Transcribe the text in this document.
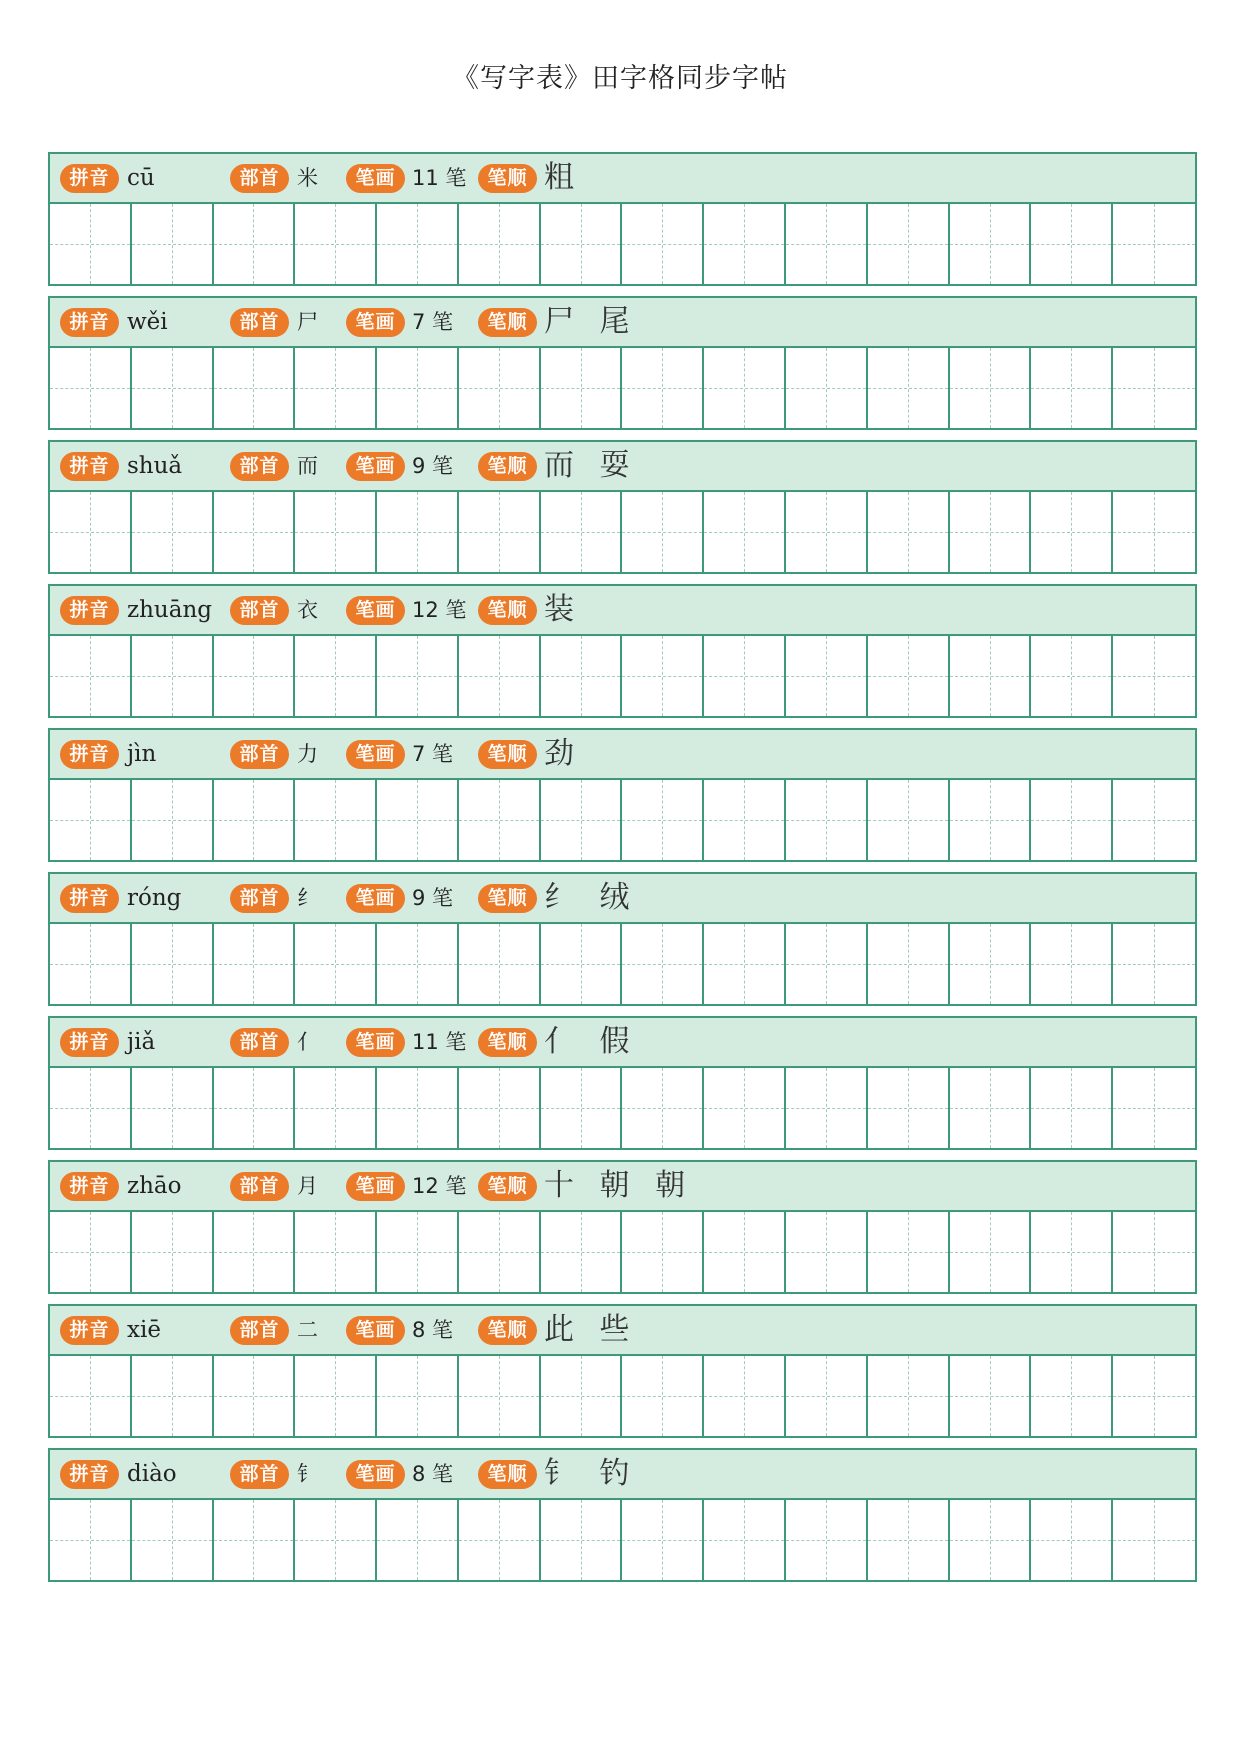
《写字表》田字格同步字帖
拼音 cū	部首 米	笔画 11 笔	笔顺 粗
拼音 wěi	部首 尸	笔画 7 笔	笔顺 尸 尾
拼音 shuǎ	部首 而	笔画 9 笔	笔顺 而 耍
拼音 zhuāng	部首 衣	笔画 12 笔	笔顺 装
拼音 jìn	部首 力	笔画 7 笔	笔顺 劲
拼音 róng	部首 纟	笔画 9 笔	笔顺 纟 绒
拼音 jiǎ	部首 亻	笔画 11 笔	笔顺 亻 假
拼音 zhāo	部首 月	笔画 12 笔	笔顺 十 朝 朝
拼音 xiē	部首 二	笔画 8 笔	笔顺 此 些
拼音 diào	部首 钅	笔画 8 笔	笔顺 钅 钓
